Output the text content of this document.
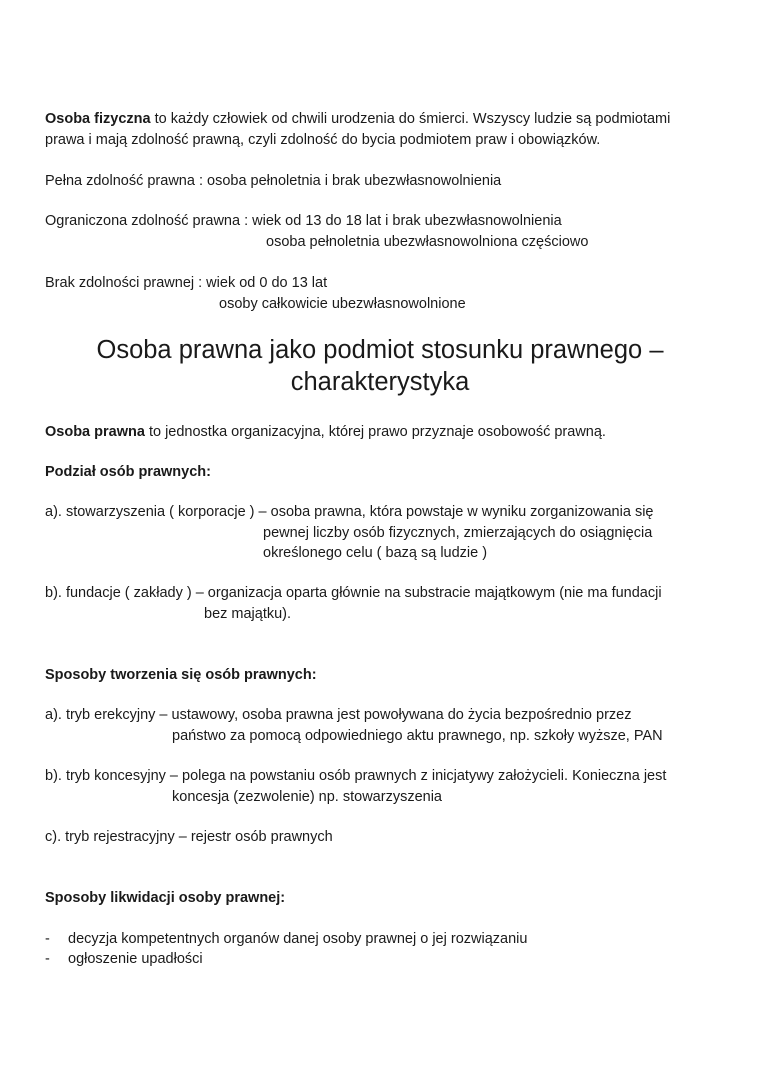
Osoba fizyczna to każdy człowiek od chwili urodzenia do śmierci. Wszyscy ludzie są podmiotami
prawa i mają zdolność prawną, czyli zdolność do bycia podmiotem praw i obowiązków.
Pełna zdolność prawna : osoba pełnoletnia i brak ubezwłasnowolnienia
Ograniczona zdolność prawna : wiek od 13 do 18 lat i brak ubezwłasnowolnienia
osoba pełnoletnia ubezwłasnowolniona częściowo
Brak zdolności prawnej : wiek od 0 do 13 lat
osoby całkowicie ubezwłasnowolnione
Osoba prawna jako podmiot stosunku prawnego –
charakterystyka
Osoba prawna to jednostka organizacyjna, której prawo przyznaje osobowość prawną.
Podział osób prawnych:
a). stowarzyszenia ( korporacje ) – osoba prawna, która powstaje w wyniku zorganizowania się
pewnej liczby osób fizycznych, zmierzających do osiągnięcia
określonego celu ( bazą są ludzie )
b). fundacje ( zakłady ) – organizacja oparta głównie na substracie majątkowym (nie ma fundacji
bez majątku).
Sposoby tworzenia się osób prawnych:
a). tryb erekcyjny – ustawowy, osoba prawna jest powoływana do życia bezpośrednio przez
państwo za pomocą odpowiedniego aktu prawnego, np. szkoły wyższe, PAN
b). tryb koncesyjny – polega na powstaniu osób prawnych z inicjatywy założycieli. Konieczna jest
koncesja (zezwolenie) np. stowarzyszenia
c). tryb rejestracyjny – rejestr osób prawnych
Sposoby likwidacji osoby prawnej:
- decyzja kompetentnych organów danej osoby prawnej o jej rozwiązaniu
- ogłoszenie upadłości
